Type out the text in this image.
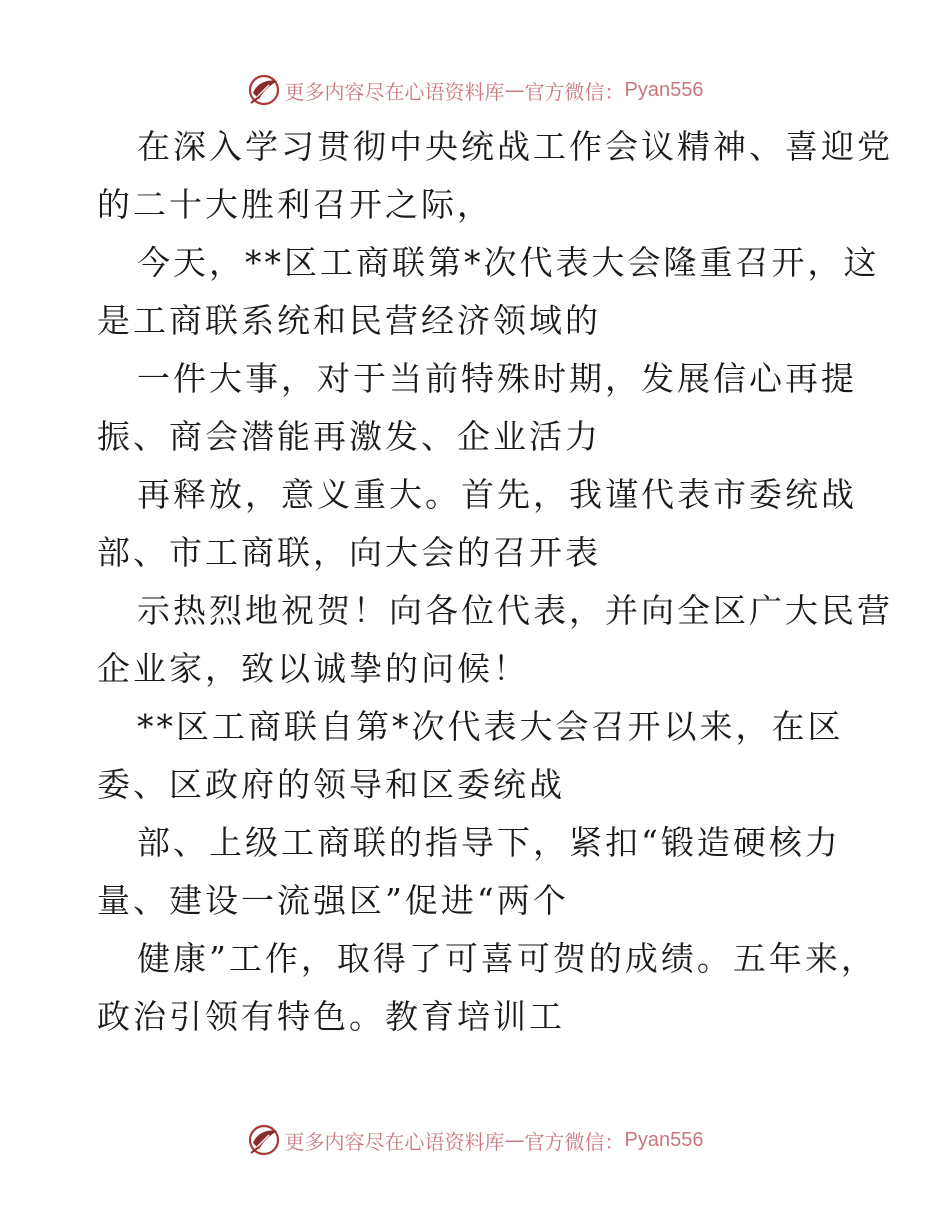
更多内容尽在心语资料库 — 官方微信： Pyan556
在深入学习贯彻中央统战工作会议精神、喜迎党
的二十大胜利召开之际，
今天，**区工商联第*次代表大会隆重召开，这
是工商联系统和民营经济领域的
一件大事，对于当前特殊时期，发展信心再提
振、商会潜能再激发、企业活力
再释放，意义重大。首先，我谨代表市委统战
部、市工商联，向大会的召开表
示热烈地祝贺！向各位代表，并向全区广大民营
企业家，致以诚挚的问候！
**区工商联自第*次代表大会召开以来，在区
委、区政府的领导和区委统战
部、上级工商联的指导下，紧扣“锻造硬核力
量、建设一流强区”促进“两个
健康”工作，取得了可喜可贺的成绩。五年来，
政治引领有特色。教育培训工
更多内容尽在心语资料库 — 官方微信： Pyan556
